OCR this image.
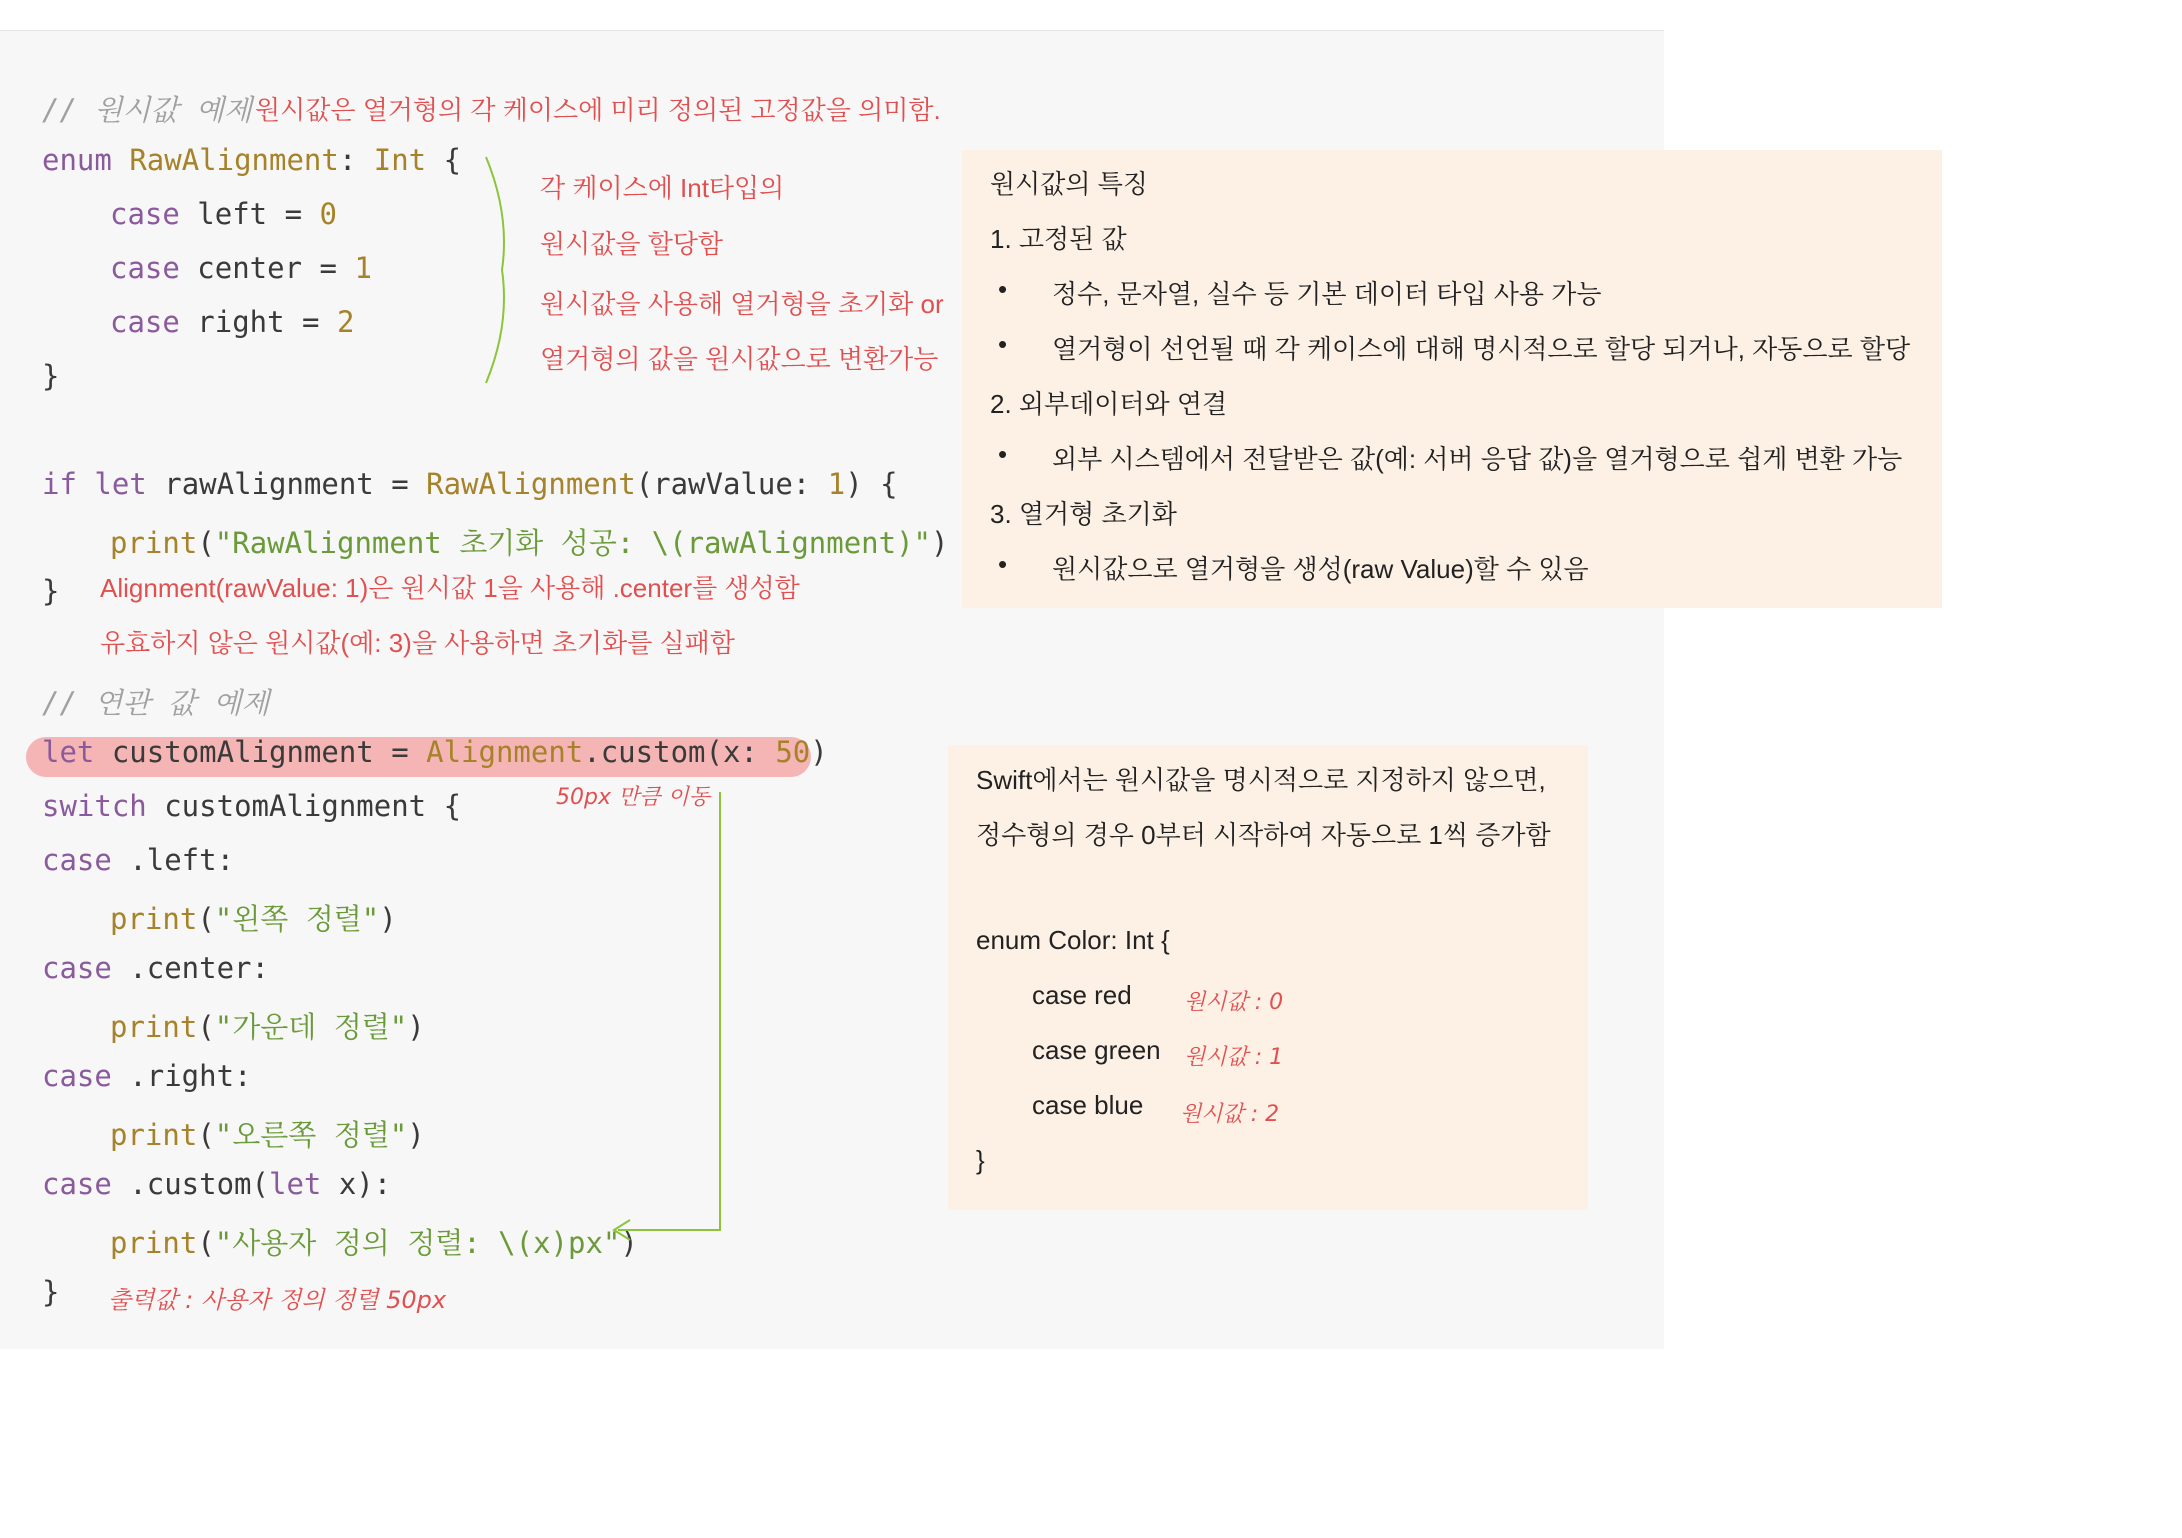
// 원시값 예제 원시값은 열거형의 각 케이스에 미리 정의된 고정값을 의미함.
enum RawAlignment: Int {
case left = 0
case center = 1
case right = 2
}
각 케이스에 Int타입의
원시값을 할당함
원시값을 사용해 열거형을 초기화 or
열거형의 값을 원시값으로 변환가능
if let rawAlignment = RawAlignment(rawValue: 1) {
print("RawAlignment 초기화 성공: \(rawAlignment)")
} Alignment(rawValue: 1)은 원시값 1을 사용해 .center를 생성함
유효하지 않은 원시값(예: 3)을 사용하면 초기화를 실패함
// 연관 값 예제
let customAlignment = Alignment.custom(x: 50)
50px 만큼 이동
switch customAlignment {
case .left:
print("왼쪽 정렬")
case .center:
print("가운데 정렬")
case .right:
print("오른쪽 정렬")
case .custom(let x):
print("사용자 정의 정렬: \(x)px")
} 출력값 : 사용자 정의 정렬 50px
원시값의 특징
1. 고정된 값
• 정수, 문자열, 실수 등 기본 데이터 타입 사용 가능
• 열거형이 선언될 때 각 케이스에 대해 명시적으로 할당 되거나, 자동으로 할당
2. 외부데이터와 연결
• 외부 시스템에서 전달받은 값(예: 서버 응답 값)을 열거형으로 쉽게 변환 가능
3. 열거형 초기화
• 원시값으로 열거형을 생성(raw Value)할 수 있음
Swift에서는 원시값을 명시적으로 지정하지 않으면,
정수형의 경우 0부터 시작하여 자동으로 1씩 증가함
enum Color: Int {
case red
case green
case blue
}
원시값 : 0
원시값 : 1
원시값 : 2
